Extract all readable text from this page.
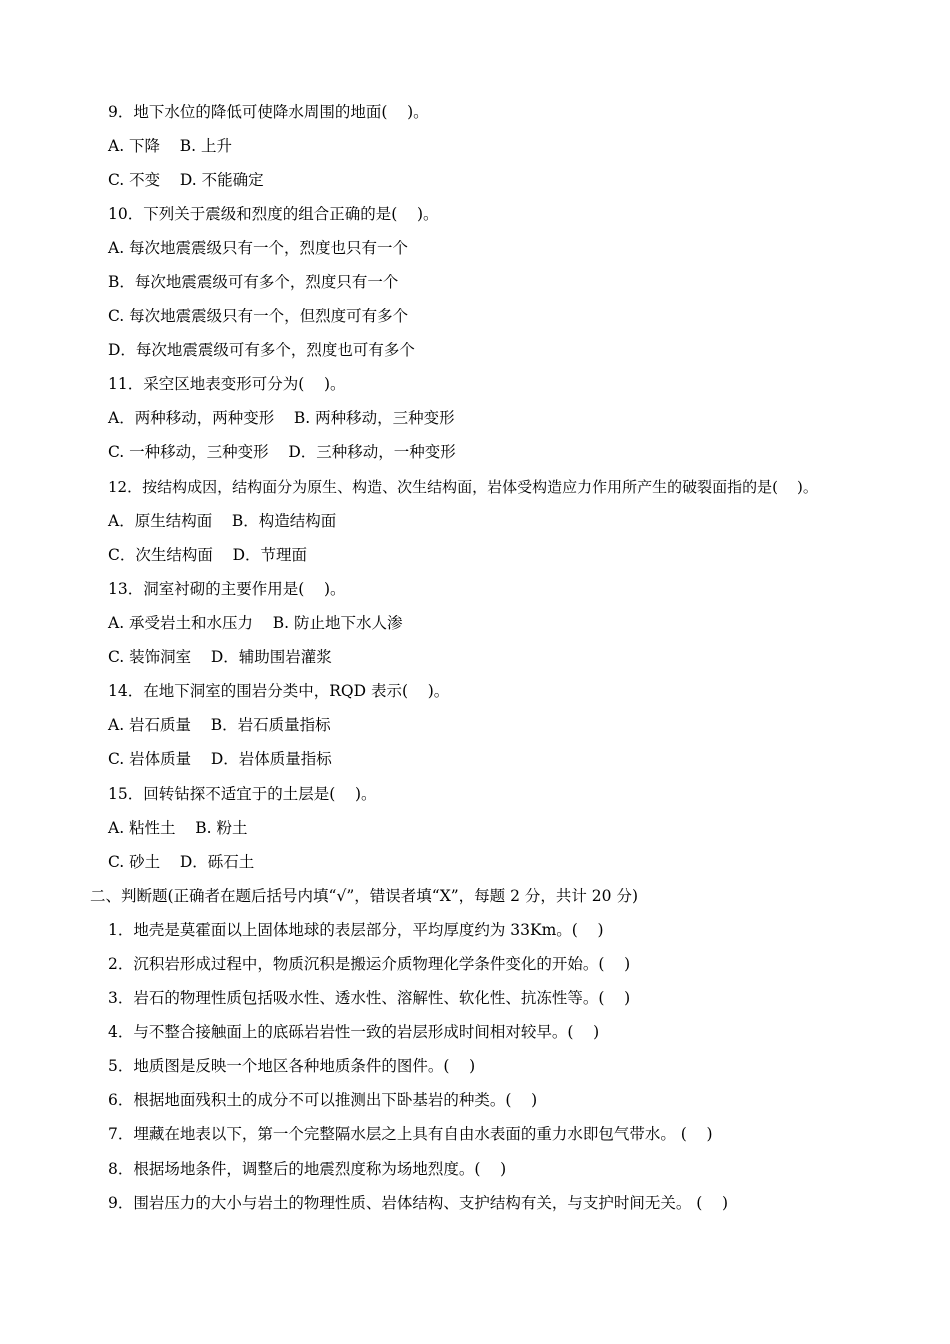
9．地下水位的降低可使降水周围的地面(    )。
A. 下降    B. 上升
C. 不变    D. 不能确定
10．下列关于震级和烈度的组合正确的是(    )。
A. 每次地震震级只有一个，烈度也只有一个
B．每次地震震级可有多个，烈度只有一个
C. 每次地震震级只有一个，但烈度可有多个
D．每次地震震级可有多个，烈度也可有多个
11．采空区地表变形可分为(    )。
A．两种移动，两种变形    B. 两种移动，三种变形
C. 一种移动，三种变形    D．三种移动，一种变形
12．按结构成因，结构面分为原生、构造、次生结构面，岩体受构造应力作用所产生的破裂面指的是(    )。
A．原生结构面    B．构造结构面
C．次生结构面    D．节理面
13．洞室衬砌的主要作用是(    )。
A. 承受岩土和水压力    B. 防止地下水人渗
C. 装饰洞室    D．辅助围岩灌浆
14．在地下洞室的围岩分类中，RQD 表示(    )。
A. 岩石质量    B．岩石质量指标
C. 岩体质量    D．岩体质量指标
15．回转钻探不适宜于的土层是(    )。
A. 粘性土    B. 粉土
C. 砂土    D．砾石土
二、判断题(正确者在题后括号内填“√”，错误者填“X”，每题 2 分，共计 20 分)
1．地壳是莫霍面以上固体地球的表层部分，平均厚度约为 33Km。(    )
2．沉积岩形成过程中，物质沉积是搬运介质物理化学条件变化的开始。(    )
3．岩石的物理性质包括吸水性、透水性、溶解性、软化性、抗冻性等。(    )
4．与不整合接触面上的底砾岩岩性一致的岩层形成时间相对较早。(    )
5．地质图是反映一个地区各种地质条件的图件。(    )
6．根据地面残积土的成分不可以推测出下卧基岩的种类。(    )
7．埋藏在地表以下，第一个完整隔水层之上具有自由水表面的重力水即包气带水。 (    )
8．根据场地条件，调整后的地震烈度称为场地烈度。(    )
9．围岩压力的大小与岩土的物理性质、岩体结构、支护结构有关，与支护时间无关。 (    )
